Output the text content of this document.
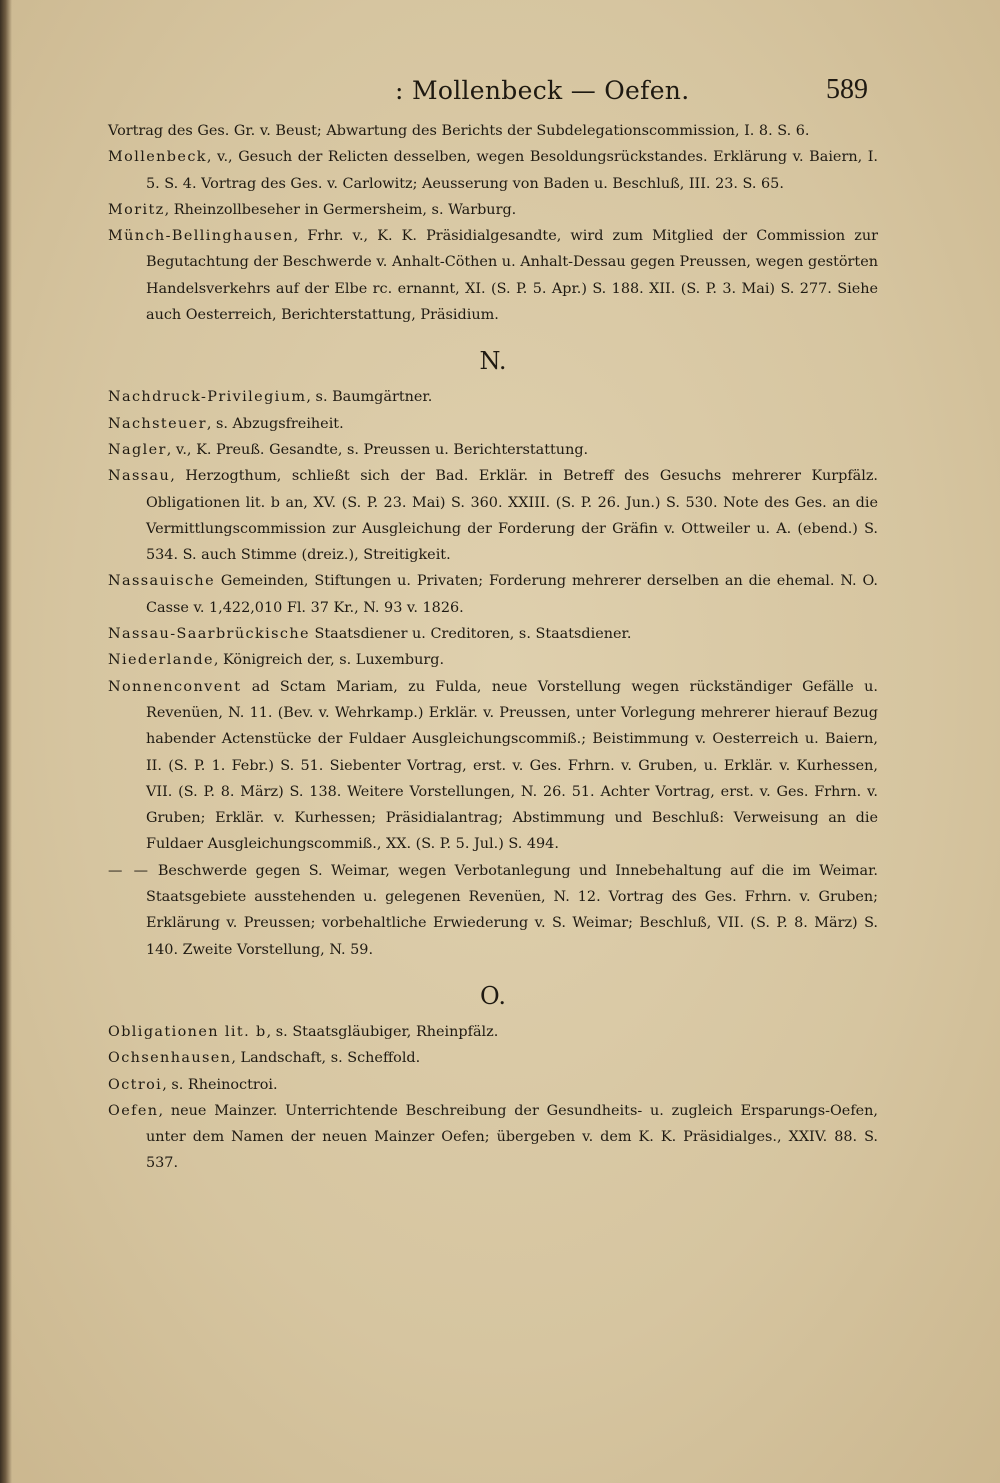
: Mollenbeck — Oefen.	589

Vortrag des Ges. Gr. v. Beust; Abwartung des Berichts der Subdelegationscommission, I. 8. S. 6.

Mollenbeck, v., Gesuch der Relicten desselben, wegen Besoldungsrückstandes. Erklärung v. Baiern, I. 5. S. 4. Vortrag des Ges. v. Carlowitz; Aeusserung von Baden u. Beschluß, III. 23. S. 65.

Moritz, Rheinzollbeseher in Germersheim, s. Warburg.

Münch-Bellinghausen, Frhr. v., K. K. Präsidialgesandte, wird zum Mitglied der Commission zur Begutachtung der Beschwerde v. Anhalt-Cöthen u. Anhalt-Dessau gegen Preussen, wegen gestörten Handelsverkehrs auf der Elbe rc. ernannt, XI. (S. P. 5. Apr.) S. 188. XII. (S. P. 3. Mai) S. 277. Siehe auch Oesterreich, Berichterstattung, Präsidium.

N.

Nachdruck-Privilegium, s. Baumgärtner.

Nachsteuer, s. Abzugsfreiheit.

Nagler, v., K. Preuß. Gesandte, s. Preussen u. Berichterstattung.

Nassau, Herzogthum, schließt sich der Bad. Erklär. in Betreff des Gesuchs mehrerer Kurpfälz. Obligationen lit. b an, XV. (S. P. 23. Mai) S. 360. XXIII. (S. P. 26. Jun.) S. 530. Note des Ges. an die Vermittlungscommission zur Ausgleichung der Forderung der Gräfin v. Ottweiler u. A. (ebend.) S. 534. S. auch Stimme (dreiz.), Streitigkeit.

Nassauische Gemeinden, Stiftungen u. Privaten; Forderung mehrerer derselben an die ehemal. N. O. Casse v. 1,422,010 Fl. 37 Kr., N. 93 v. 1826.

Nassau-Saarbrückische Staatsdiener u. Creditoren, s. Staatsdiener.

Niederlande, Königreich der, s. Luxemburg.

Nonnenconvent ad Sctam Mariam, zu Fulda, neue Vorstellung wegen rückständiger Gefälle u. Revenüen, N. 11. (Bev. v. Wehrkamp.) Erklär. v. Preussen, unter Vorlegung mehrerer hierauf Bezug habender Actenstücke der Fuldaer Ausgleichungscommiß.; Beistimmung v. Oesterreich u. Baiern, II. (S. P. 1. Febr.) S. 51. Siebenter Vortrag, erst. v. Ges. Frhrn. v. Gruben, u. Erklär. v. Kurhessen, VII. (S. P. 8. März) S. 138. Weitere Vorstellungen, N. 26. 51. Achter Vortrag, erst. v. Ges. Frhrn. v. Gruben; Erklär. v. Kurhessen; Präsidialantrag; Abstimmung und Beschluß: Verweisung an die Fuldaer Ausgleichungscommiß., XX. (S. P. 5. Jul.) S. 494.

— — Beschwerde gegen S. Weimar, wegen Verbotanlegung und Innebehaltung auf die im Weimar. Staatsgebiete ausstehenden u. gelegenen Revenüen, N. 12. Vortrag des Ges. Frhrn. v. Gruben; Erklärung v. Preussen; vorbehaltliche Erwiederung v. S. Weimar; Beschluß, VII. (S. P. 8. März) S. 140. Zweite Vorstellung, N. 59.

O.

Obligationen lit. b, s. Staatsgläubiger, Rheinpfälz.

Ochsenhausen, Landschaft, s. Scheffold.

Octroi, s. Rheinoctroi.

Oefen, neue Mainzer. Unterrichtende Beschreibung der Gesundheits- u. zugleich Ersparungs-Oefen, unter dem Namen der neuen Mainzer Oefen; übergeben v. dem K. K. Präsidialges., XXIV. 88. S. 537.
